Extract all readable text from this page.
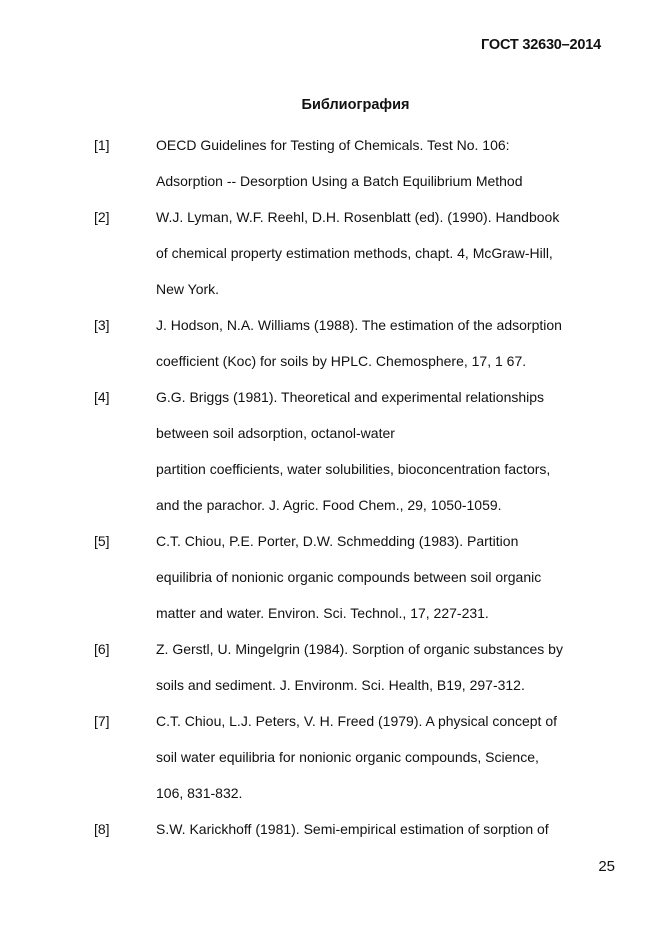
ГОСТ 32630–2014
Библиография
[1]	OECD Guidelines for Testing of Chemicals. Test No. 106:
Adsorption -- Desorption Using a Batch Equilibrium Method
[2]	W.J. Lyman, W.F. Reehl, D.H. Rosenblatt (ed). (1990). Handbook
of chemical property estimation methods, chapt. 4, McGraw-Hill,
New York.
[3]	J. Hodson, N.A. Williams (1988). The estimation of the adsorption
coefficient (Koc) for soils by HPLC. Chemosphere, 17, 1 67.
[4]	G.G. Briggs (1981). Theoretical and experimental relationships
between soil adsorption, octanol-water
partition coefficients, water solubilities, bioconcentration factors,
and the parachor. J. Agric. Food Chem., 29, 1050-1059.
[5]	C.T. Chiou, P.E. Porter, D.W. Schmedding (1983). Partition
equilibria of nonionic organic compounds between soil organic
matter and water. Environ. Sci. Technol., 17, 227-231.
[6]	Z. Gerstl, U. Mingelgrin (1984). Sorption of organic substances by
soils and sediment. J. Environm. Sci. Health, B19, 297-312.
[7]	C.T. Chiou, L.J. Peters, V. H. Freed (1979). A physical concept of
soil water equilibria for nonionic organic compounds, Science,
106, 831-832.
[8]	S.W. Karickhoff (1981). Semi-empirical estimation of sorption of
25
